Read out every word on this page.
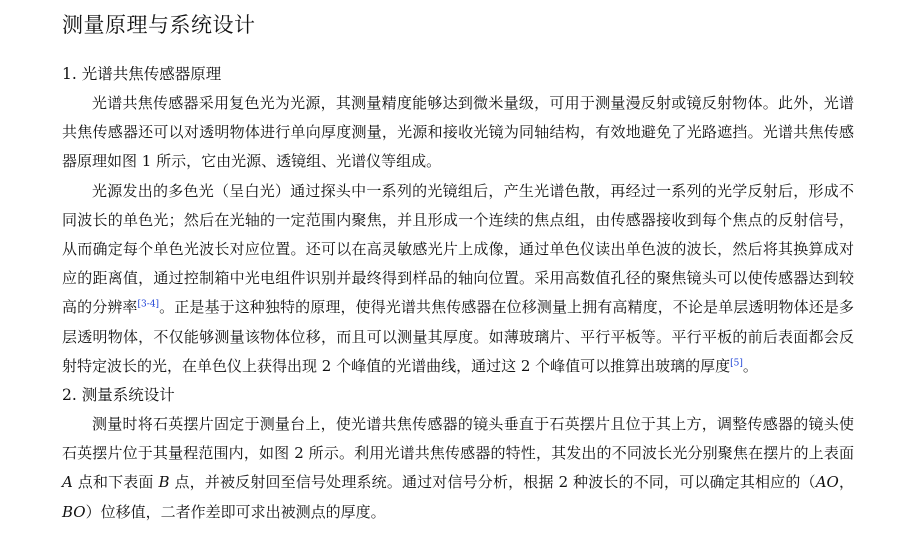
测量原理与系统设计
1. 光谱共焦传感器原理

光谱共焦传感器采用复色光为光源，其测量精度能够达到微米量级，可用于测量漫反射或镜反射物体。此外，光谱共焦传感器还可以对透明物体进行单向厚度测量，光源和接收光镜为同轴结构，有效地避免了光路遮挡。光谱共焦传感器原理如图 1 所示，它由光源、透镜组、光谱仪等组成。

光源发出的多色光（呈白光）通过探头中一系列的光镜组后，产生光谱色散，再经过一系列的光学反射后，形成不同波长的单色光；然后在光轴的一定范围内聚焦，并且形成一个连续的焦点组，由传感器接收到每个焦点的反射信号，从而确定每个单色光波长对应位置。还可以在高灵敏感光片上成像，通过单色仪读出单色波的波长，然后将其换算成对应的距离值，通过控制箱中光电组件识别并最终得到样品的轴向位置。采用高数值孔径的聚焦镜头可以使传感器达到较高的分辨率[3-4]。正是基于这种独特的原理，使得光谱共焦传感器在位移测量上拥有高精度，不论是单层透明物体还是多层透明物体，不仅能够测量该物体位移，而且可以测量其厚度。如薄玻璃片、平行平板等。平行平板的前后表面都会反射特定波长的光，在单色仪上获得出现 2 个峰值的光谱曲线，通过这 2 个峰值可以推算出玻璃的厚度[5]。

2. 测量系统设计

测量时将石英摆片固定于测量台上，使光谱共焦传感器的镜头垂直于石英摆片且位于其上方，调整传感器的镜头使石英摆片位于其量程范围内，如图 2 所示。利用光谱共焦传感器的特性，其发出的不同波长光分别聚焦在摆片的上表面 A 点和下表面 B 点，并被反射回至信号处理系统。通过对信号分析，根据 2 种波长的不同，可以确定其相应的（AO，BO）位移值，二者作差即可求出被测点的厚度。
